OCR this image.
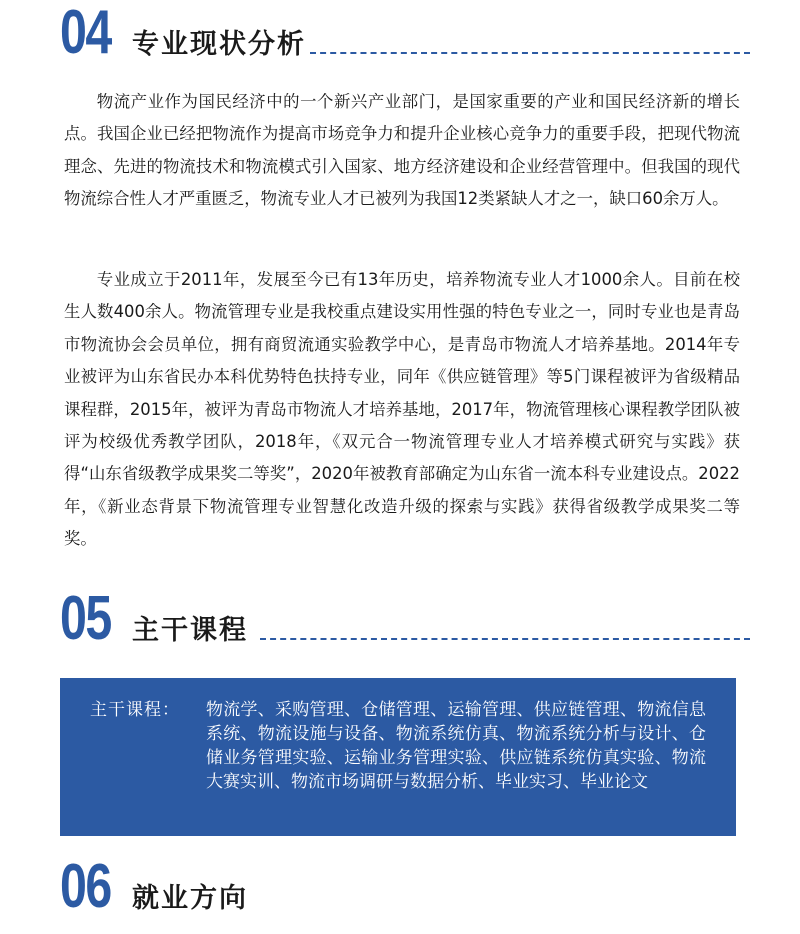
04 专业现状分析

物流产业作为国民经济中的一个新兴产业部门，是国家重要的产业和国民经济新的增长点。我国企业已经把物流作为提高市场竞争力和提升企业核心竞争力的重要手段，把现代物流理念、先进的物流技术和物流模式引入国家、地方经济建设和企业经营管理中。但我国的现代物流综合性人才严重匮乏，物流专业人才已被列为我国12类紧缺人才之一，缺口60余万人。

专业成立于2011年，发展至今已有13年历史，培养物流专业人才1000余人。目前在校生人数400余人。物流管理专业是我校重点建设实用性强的特色专业之一，同时专业也是青岛市物流协会会员单位，拥有商贸流通实验教学中心，是青岛市物流人才培养基地。2014年专业被评为山东省民办本科优势特色扶持专业，同年《供应链管理》等5门课程被评为省级精品课程群，2015年，被评为青岛市物流人才培养基地，2017年，物流管理核心课程教学团队被评为校级优秀教学团队，2018年，《双元合一物流管理专业人才培养模式研究与实践》获得“山东省级教学成果奖二等奖”，2020年被教育部确定为山东省一流本科专业建设点。2022年，《新业态背景下物流管理专业智慧化改造升级的探索与实践》获得省级教学成果奖二等奖。

05 主干课程
主干课程： 物流学、采购管理、仓储管理、运输管理、供应链管理、物流信息系统、物流设施与设备、物流系统仿真、物流系统分析与设计、仓储业务管理实验、运输业务管理实验、供应链系统仿真实验、物流大赛实训、物流市场调研与数据分析、毕业实习、毕业论文
06 就业方向
